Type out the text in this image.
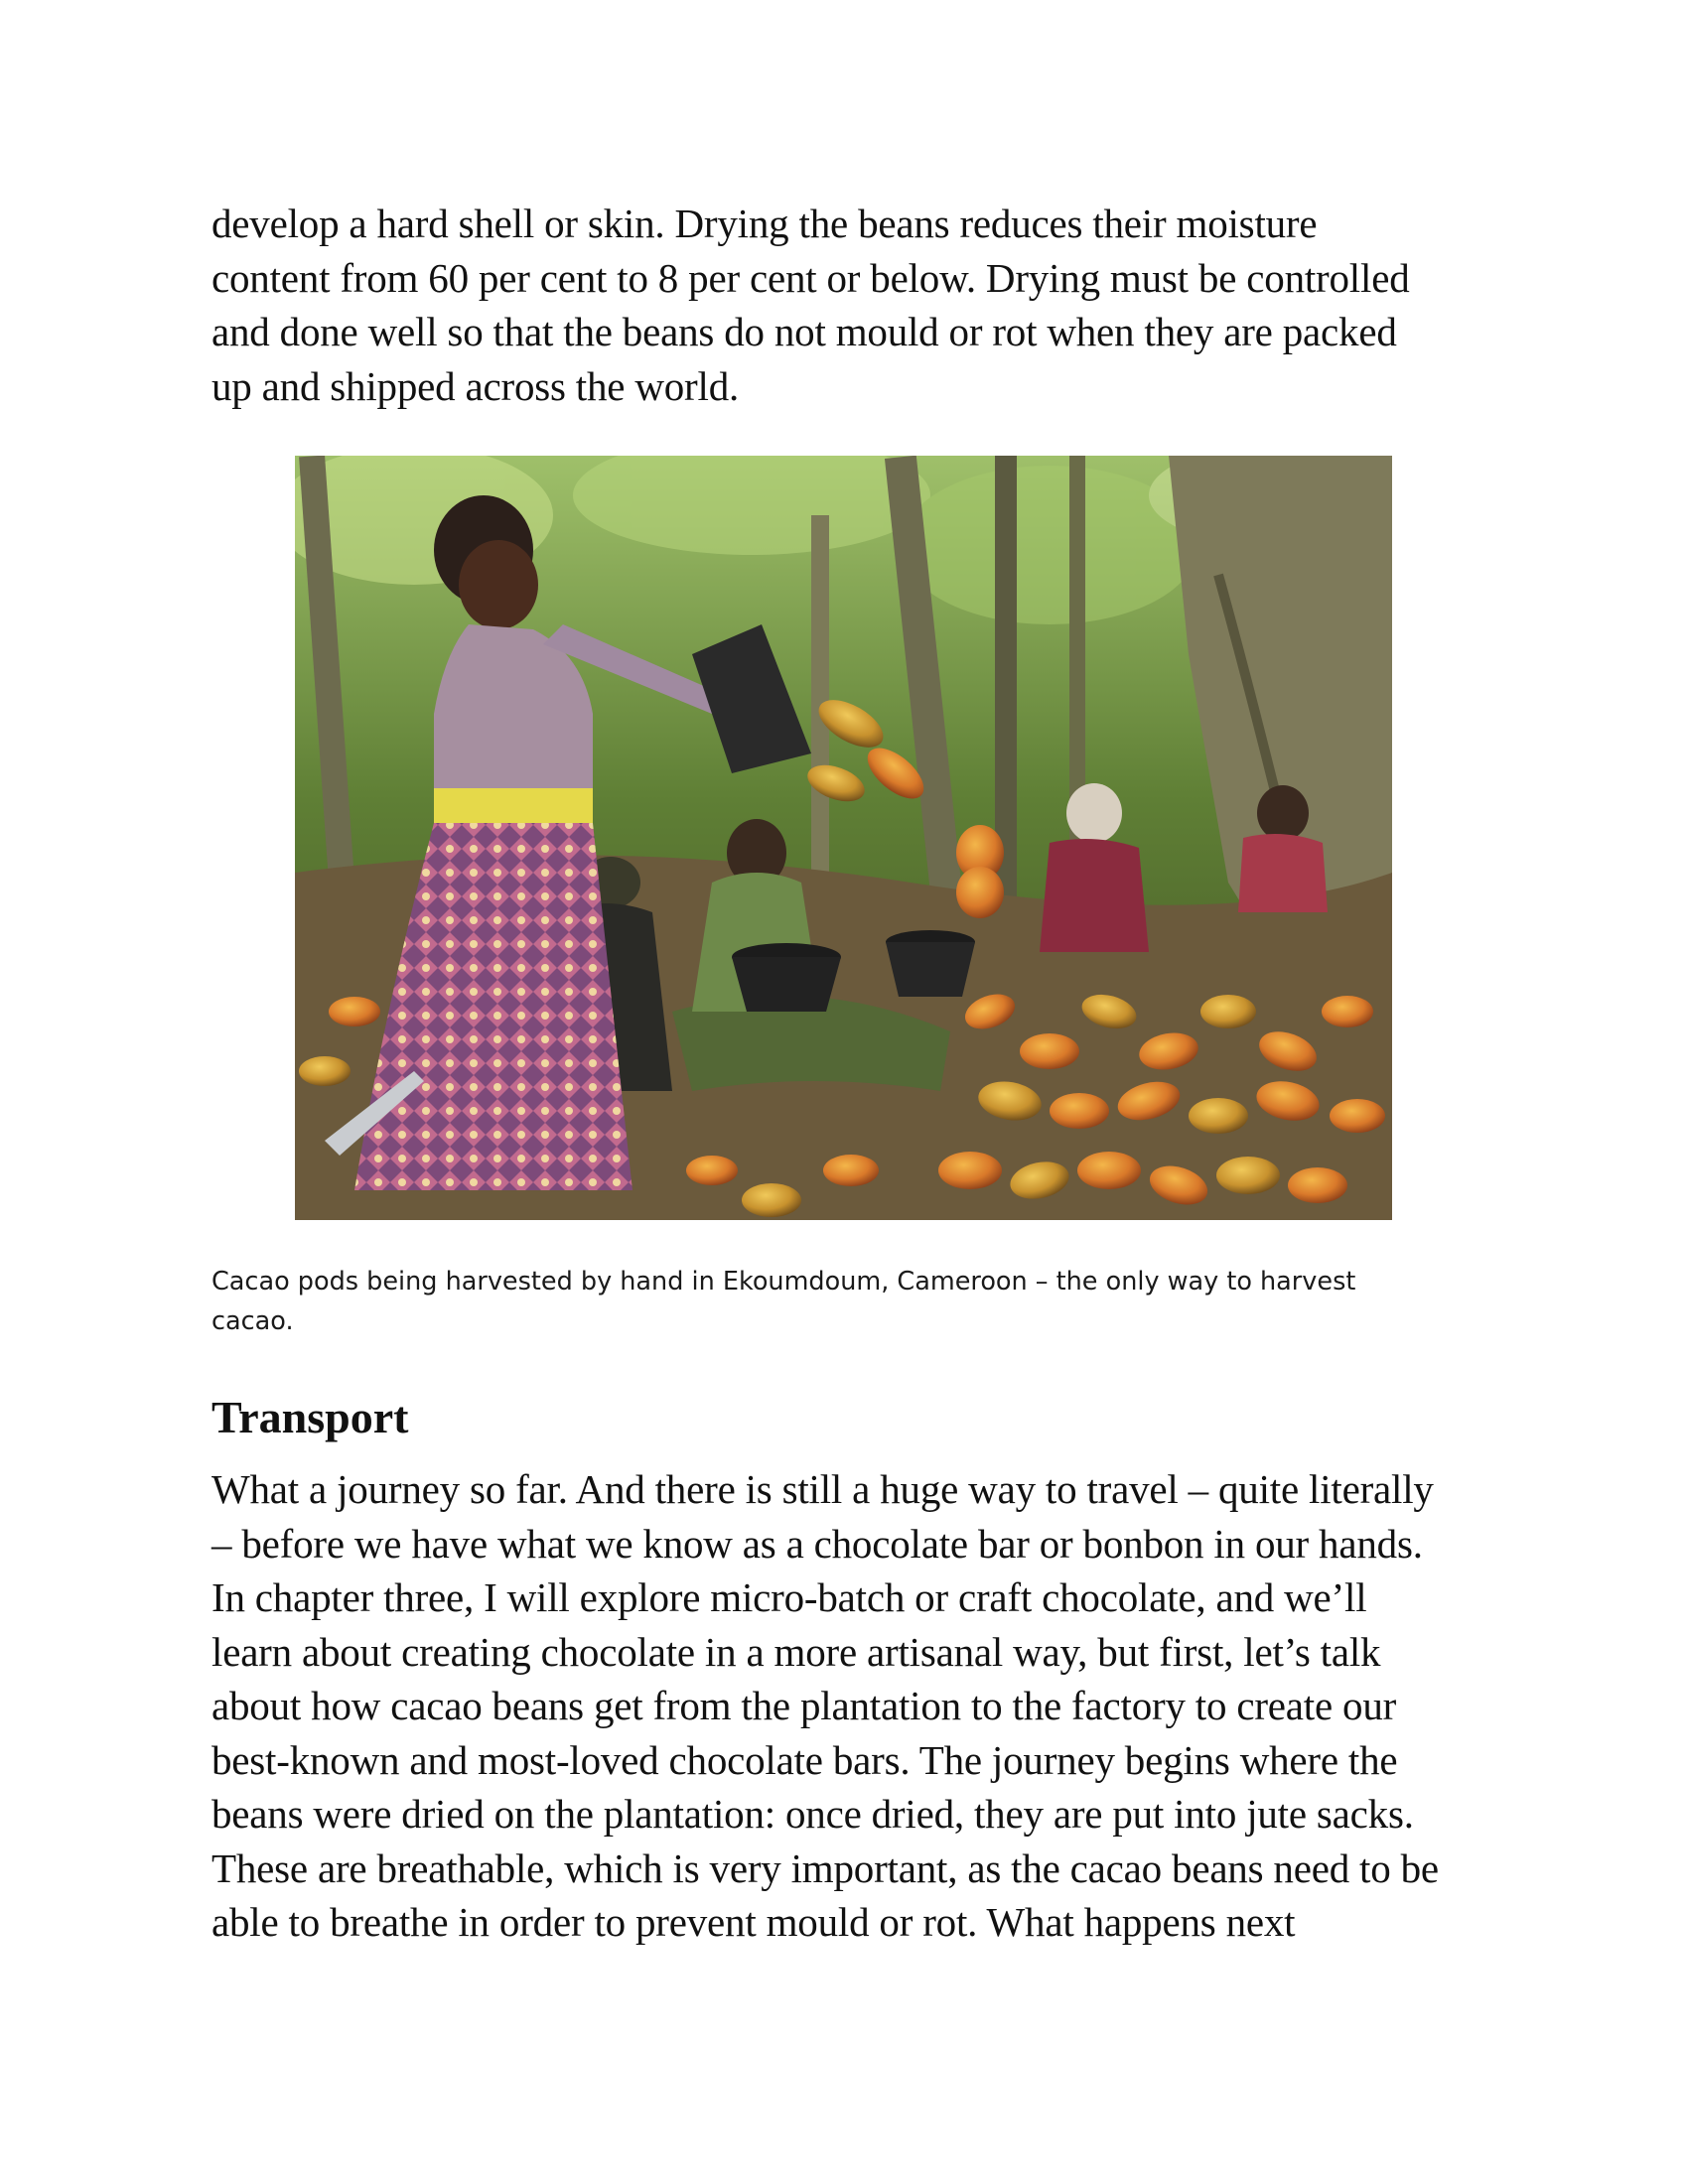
develop a hard shell or skin. Drying the beans reduces their moisture
content from 60 per cent to 8 per cent or below. Drying must be controlled
and done well so that the beans do not mould or rot when they are packed
up and shipped across the world.

Cacao pods being harvested by hand in Ekoumdoum, Cameroon – the only way to harvest
cacao.

Transport

What a journey so far. And there is still a huge way to travel – quite literally
– before we have what we know as a chocolate bar or bonbon in our hands.
In chapter three, I will explore micro-batch or craft chocolate, and we’ll
learn about creating chocolate in a more artisanal way, but first, let’s talk
about how cacao beans get from the plantation to the factory to create our
best-known and most-loved chocolate bars. The journey begins where the
beans were dried on the plantation: once dried, they are put into jute sacks.
These are breathable, which is very important, as the cacao beans need to be
able to breathe in order to prevent mould or rot. What happens next
